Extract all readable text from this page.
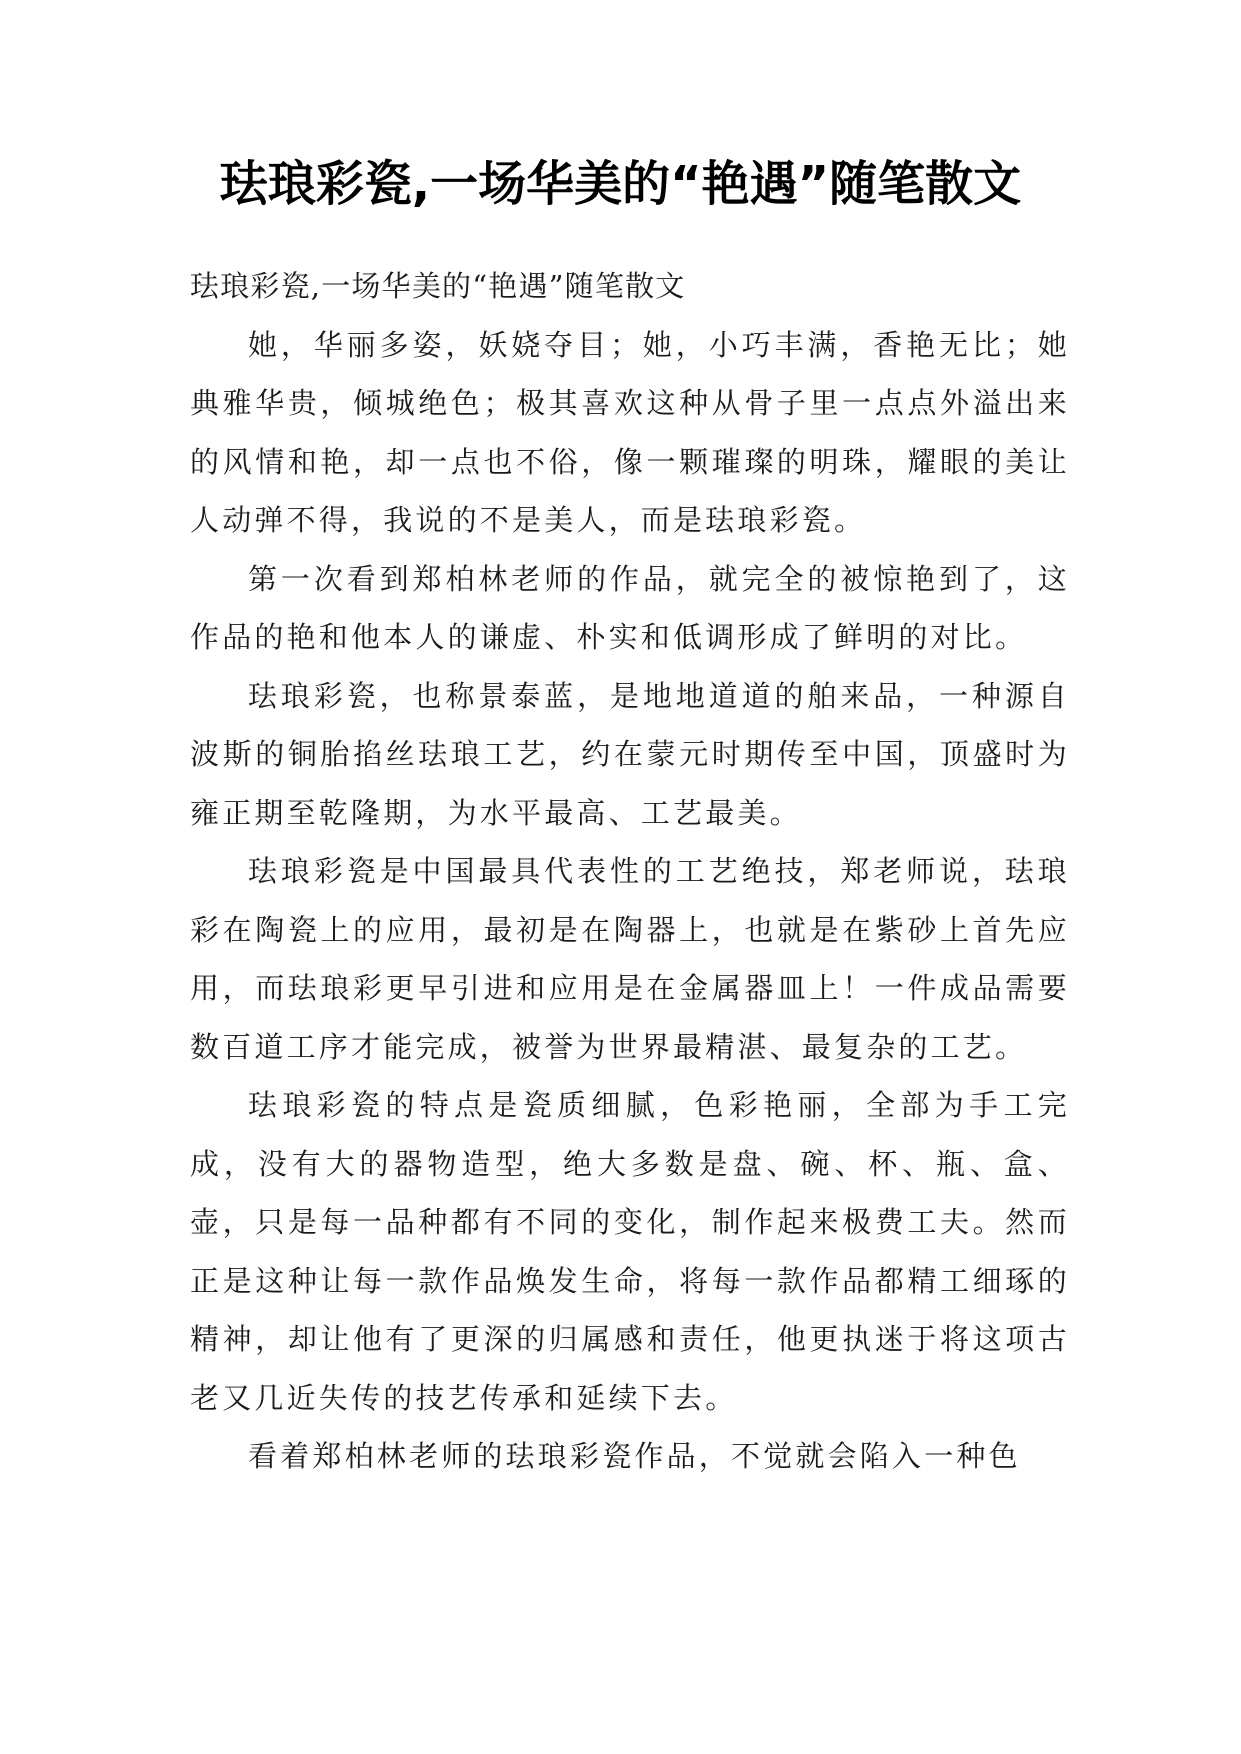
珐琅彩瓷,一场华美的“艳遇”随笔散文

珐琅彩瓷,一场华美的“艳遇”随笔散文

她，华丽多姿，妖娆夺目；她，小巧丰满，香艳无比；她典雅华贵，倾城绝色；极其喜欢这种从骨子里一点点外溢出来的风情和艳，却一点也不俗，像一颗璀璨的明珠，耀眼的美让人动弹不得，我说的不是美人，而是珐琅彩瓷。

第一次看到郑柏林老师的作品，就完全的被惊艳到了，这作品的艳和他本人的谦虚、朴实和低调形成了鲜明的对比。

珐琅彩瓷，也称景泰蓝，是地地道道的舶来品，一种源自波斯的铜胎掐丝珐琅工艺，约在蒙元时期传至中国，顶盛时为雍正期至乾隆期，为水平最高、工艺最美。

珐琅彩瓷是中国最具代表性的工艺绝技，郑老师说，珐琅彩在陶瓷上的应用，最初是在陶器上，也就是在紫砂上首先应用，而珐琅彩更早引进和应用是在金属器皿上！一件成品需要数百道工序才能完成，被誉为世界最精湛、最复杂的工艺。

珐琅彩瓷的特点是瓷质细腻，色彩艳丽，全部为手工完成，没有大的器物造型，绝大多数是盘、碗、杯、瓶、盒、壶，只是每一品种都有不同的变化，制作起来极费工夫。然而正是这种让每一款作品焕发生命，将每一款作品都精工细琢的精神，却让他有了更深的归属感和责任，他更执迷于将这项古老又几近失传的技艺传承和延续下去。

看着郑柏林老师的珐琅彩瓷作品，不觉就会陷入一种色
